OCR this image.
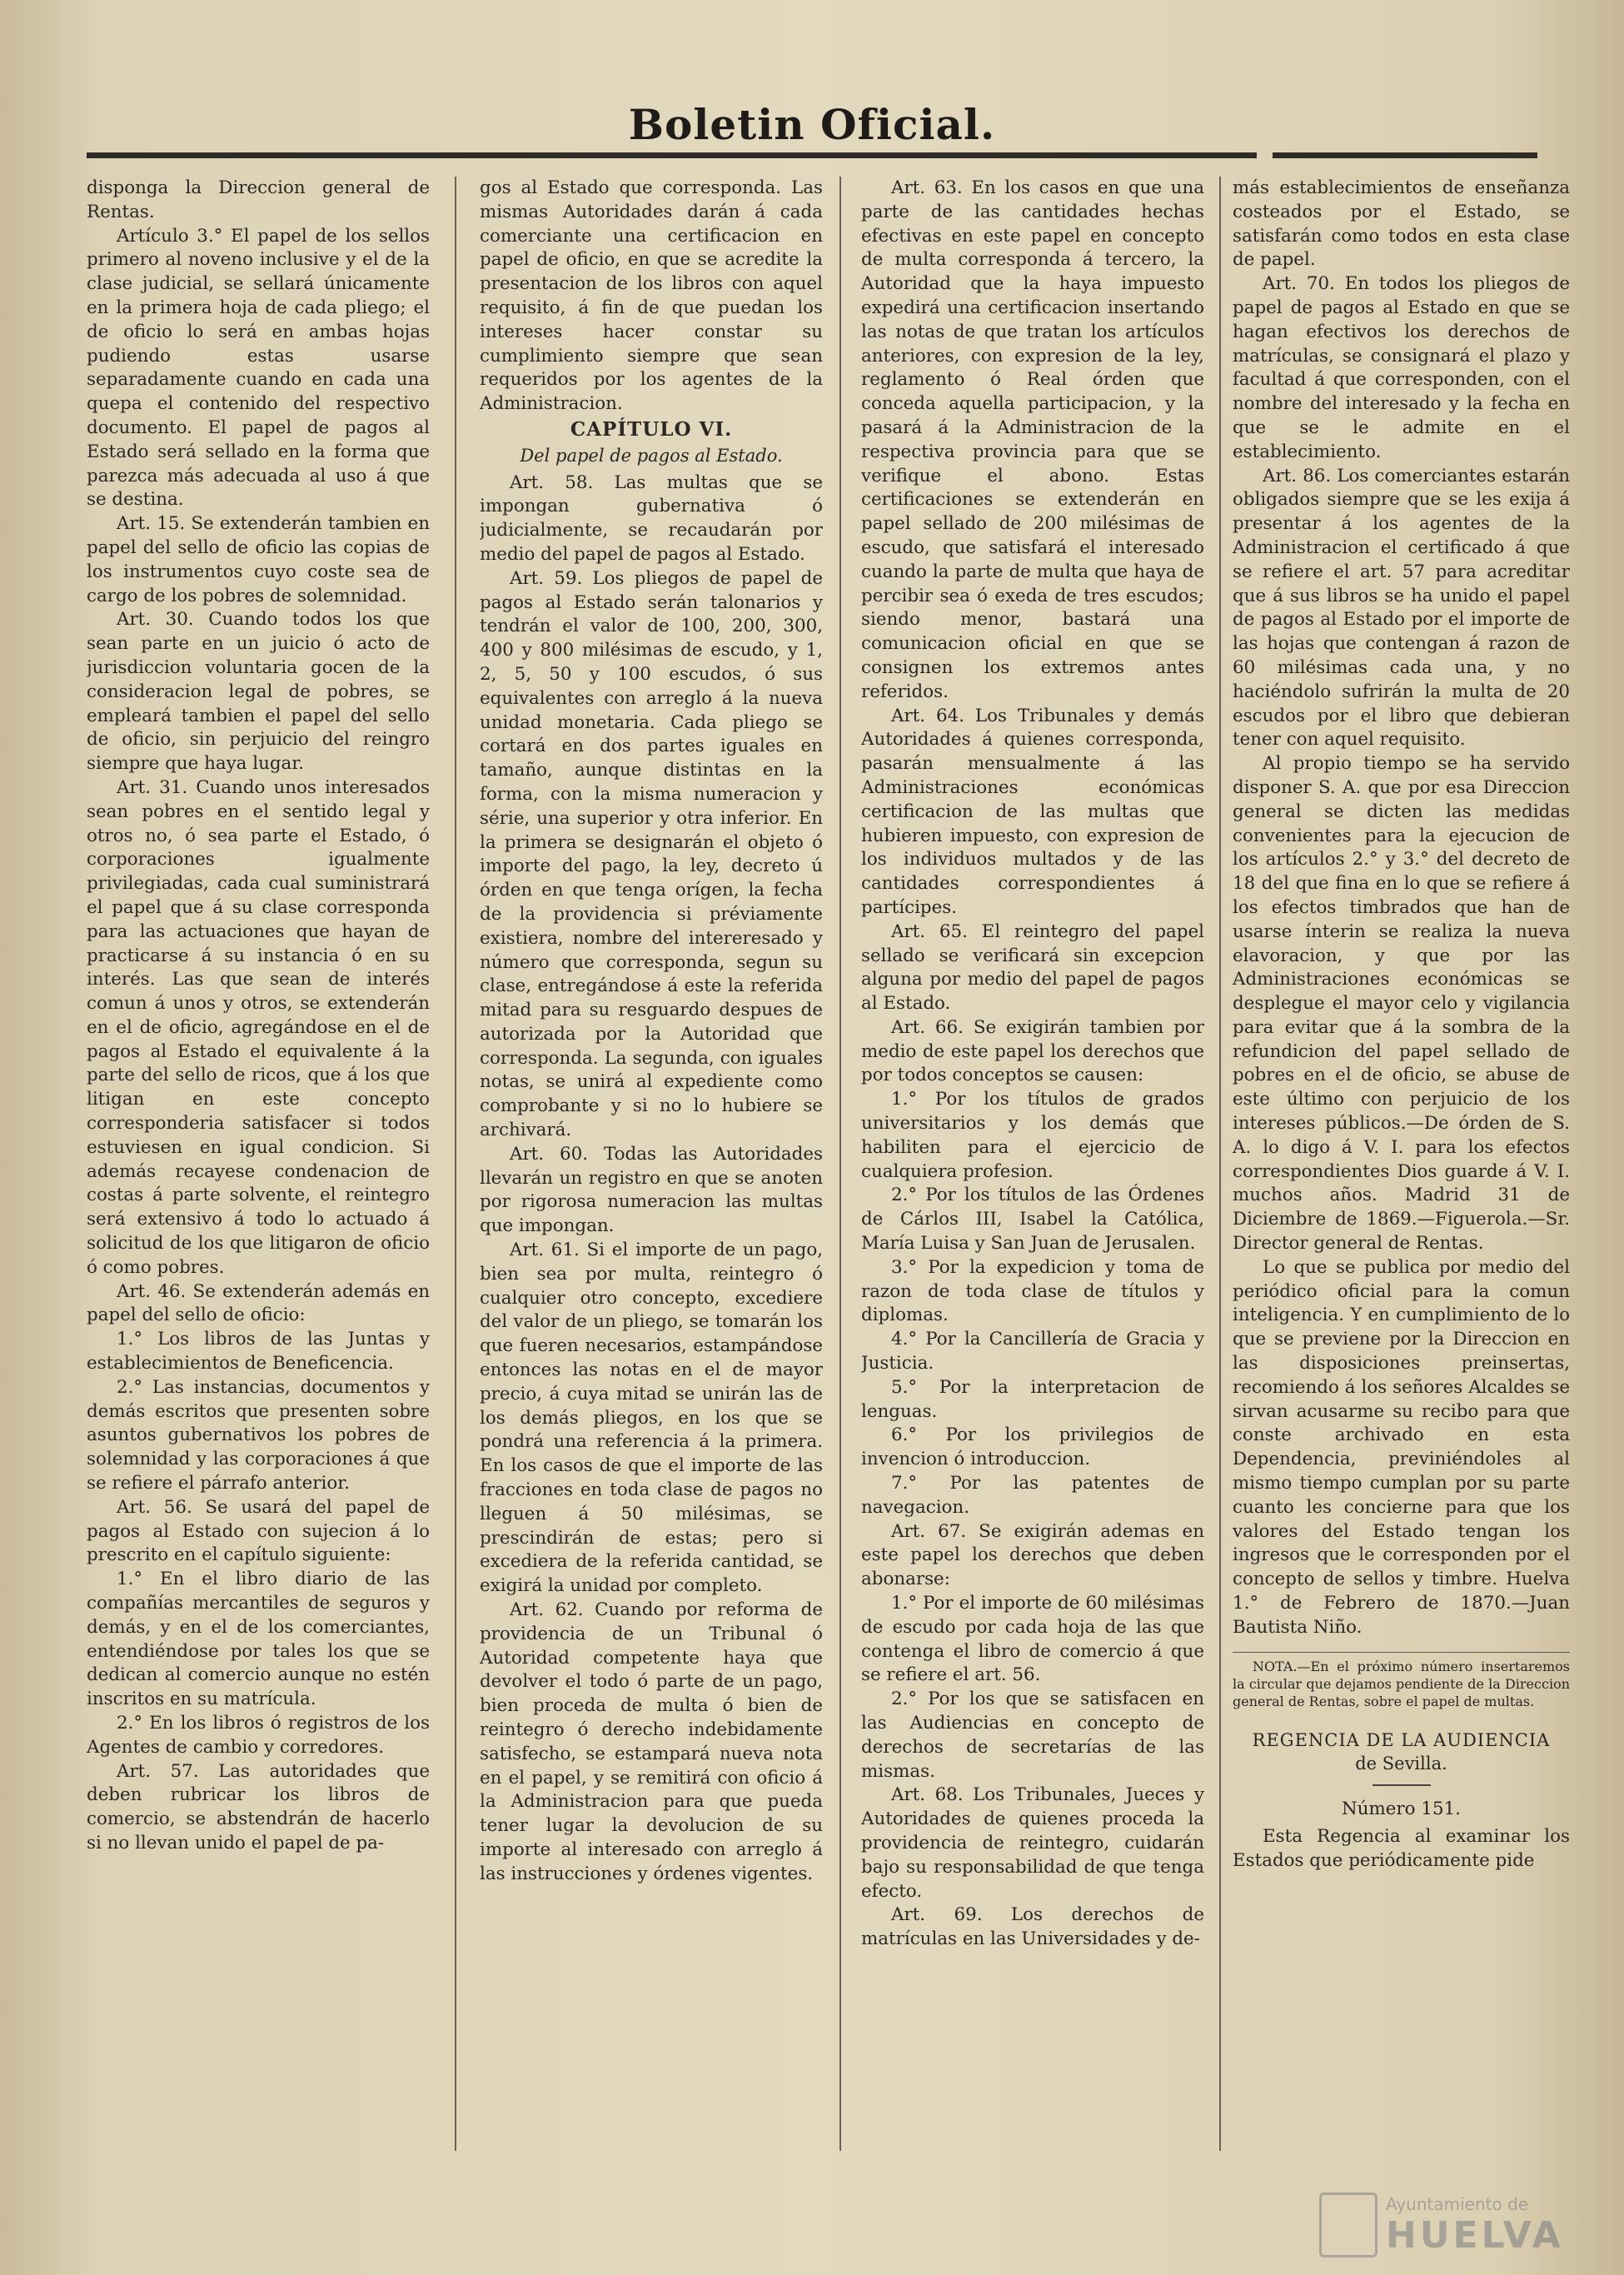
Boletin Oficial.

disponga la Direccion general de Rentas.

Artículo 3.° El papel de los sellos primero al noveno inclusive y el de la clase judicial, se sellará únicamente en la primera hoja de cada pliego; el de oficio lo será en ambas hojas pudiendo estas usarse separadamente cuando en cada una quepa el contenido del respectivo documento. El papel de pagos al Estado será sellado en la forma que parezca más adecuada al uso á que se destina.

Art. 15. Se extenderán tambien en papel del sello de oficio las copias de los instrumentos cuyo coste sea de cargo de los pobres de solemnidad.

Art. 30. Cuando todos los que sean parte en un juicio ó acto de jurisdiccion voluntaria gocen de la consideracion legal de pobres, se empleará tambien el papel del sello de oficio, sin perjuicio del reingro siempre que haya lugar.

Art. 31. Cuando unos interesados sean pobres en el sentido legal y otros no, ó sea parte el Estado, ó corporaciones igualmente privilegiadas, cada cual suministrará el papel que á su clase corresponda para las actuaciones que hayan de practicarse á su instancia ó en su interés. Las que sean de interés comun á unos y otros, se extenderán en el de oficio, agregándose en el de pagos al Estado el equivalente á la parte del sello de ricos, que á los que litigan en este concepto corresponderia satisfacer si todos estuviesen en igual condicion. Si además recayese condenacion de costas á parte solvente, el reintegro será extensivo á todo lo actuado á solicitud de los que litigaron de oficio ó como pobres.

Art. 46. Se extenderán además en papel del sello de oficio:

1.° Los libros de las Juntas y establecimientos de Beneficencia.

2.° Las instancias, documentos y demás escritos que presenten sobre asuntos gubernativos los pobres de solemnidad y las corporaciones á que se refiere el párrafo anterior.

Art. 56. Se usará del papel de pagos al Estado con sujecion á lo prescrito en el capítulo siguiente:

1.° En el libro diario de las compañías mercantiles de seguros y demás, y en el de los comerciantes, entendiéndose por tales los que se dedican al comercio aunque no estén inscritos en su matrícula.

2.° En los libros ó registros de los Agentes de cambio y corredores.

Art. 57. Las autoridades que deben rubricar los libros de comercio, se abstendrán de hacerlo si no llevan unido el papel de pa-

gos al Estado que corresponda. Las mismas Autoridades darán á cada comerciante una certificacion en papel de oficio, en que se acredite la presentacion de los libros con aquel requisito, á fin de que puedan los intereses hacer constar su cumplimiento siempre que sean requeridos por los agentes de la Administracion.

CAPÍTULO VI.
Del papel de pagos al Estado.

Art. 58. Las multas que se impongan gubernativa ó judicialmente, se recaudarán por medio del papel de pagos al Estado.

Art. 59. Los pliegos de papel de pagos al Estado serán talonarios y tendrán el valor de 100, 200, 300, 400 y 800 milésimas de escudo, y 1, 2, 5, 50 y 100 escudos, ó sus equivalentes con arreglo á la nueva unidad monetaria. Cada pliego se cortará en dos partes iguales en tamaño, aunque distintas en la forma, con la misma numeracion y série, una superior y otra inferior. En la primera se designarán el objeto ó importe del pago, la ley, decreto ú órden en que tenga orígen, la fecha de la providencia si préviamente existiera, nombre del intereresado y número que corresponda, segun su clase, entregándose á este la referida mitad para su resguardo despues de autorizada por la Autoridad que corresponda. La segunda, con iguales notas, se unirá al expediente como comprobante y si no lo hubiere se archivará.

Art. 60. Todas las Autoridades llevarán un registro en que se anoten por rigorosa numeracion las multas que impongan.

Art. 61. Si el importe de un pago, bien sea por multa, reintegro ó cualquier otro concepto, excediere del valor de un pliego, se tomarán los que fueren necesarios, estampándose entonces las notas en el de mayor precio, á cuya mitad se unirán las de los demás pliegos, en los que se pondrá una referencia á la primera. En los casos de que el importe de las fracciones en toda clase de pagos no lleguen á 50 milésimas, se prescindirán de estas; pero si excediera de la referida cantidad, se exigirá la unidad por completo.

Art. 62. Cuando por reforma de providencia de un Tribunal ó Autoridad competente haya que devolver el todo ó parte de un pago, bien proceda de multa ó bien de reintegro ó derecho indebidamente satisfecho, se estampará nueva nota en el papel, y se remitirá con oficio á la Administracion para que pueda tener lugar la devolucion de su importe al interesado con arreglo á las instrucciones y órdenes vigentes.

Art. 63. En los casos en que una parte de las cantidades hechas efectivas en este papel en concepto de multa corresponda á tercero, la Autoridad que la haya impuesto expedirá una certificacion insertando las notas de que tratan los artículos anteriores, con expresion de la ley, reglamento ó Real órden que conceda aquella participacion, y la pasará á la Administracion de la respectiva provincia para que se verifique el abono. Estas certificaciones se extenderán en papel sellado de 200 milésimas de escudo, que satisfará el interesado cuando la parte de multa que haya de percibir sea ó exeda de tres escudos; siendo menor, bastará una comunicacion oficial en que se consignen los extremos antes referidos.

Art. 64. Los Tribunales y demás Autoridades á quienes corresponda, pasarán mensualmente á las Administraciones económicas certificacion de las multas que hubieren impuesto, con expresion de los individuos multados y de las cantidades correspondientes á partícipes.

Art. 65. El reintegro del papel sellado se verificará sin excepcion alguna por medio del papel de pagos al Estado.

Art. 66. Se exigirán tambien por medio de este papel los derechos que por todos conceptos se causen:

1.° Por los títulos de grados universitarios y los demás que habiliten para el ejercicio de cualquiera profesion.

2.° Por los títulos de las Órdenes de Cárlos III, Isabel la Católica, María Luisa y San Juan de Jerusalen.

3.° Por la expedicion y toma de razon de toda clase de títulos y diplomas.

4.° Por la Cancillería de Gracia y Justicia.

5.° Por la interpretacion de lenguas.

6.° Por los privilegios de invencion ó introduccion.

7.° Por las patentes de navegacion.

Art. 67. Se exigirán ademas en este papel los derechos que deben abonarse:

1.° Por el importe de 60 milésimas de escudo por cada hoja de las que contenga el libro de comercio á que se refiere el art. 56.

2.° Por los que se satisfacen en las Audiencias en concepto de derechos de secretarías de las mismas.

Art. 68. Los Tribunales, Jueces y Autoridades de quienes proceda la providencia de reintegro, cuidarán bajo su responsabilidad de que tenga efecto.

Art. 69. Los derechos de matrículas en las Universidades y de-

más establecimientos de enseñanza costeados por el Estado, se satisfarán como todos en esta clase de papel.

Art. 70. En todos los pliegos de papel de pagos al Estado en que se hagan efectivos los derechos de matrículas, se consignará el plazo y facultad á que corresponden, con el nombre del interesado y la fecha en que se le admite en el establecimiento.

Art. 86. Los comerciantes estarán obligados siempre que se les exija á presentar á los agentes de la Administracion el certificado á que se refiere el art. 57 para acreditar que á sus libros se ha unido el papel de pagos al Estado por el importe de las hojas que contengan á razon de 60 milésimas cada una, y no haciéndolo sufrirán la multa de 20 escudos por el libro que debieran tener con aquel requisito.

Al propio tiempo se ha servido disponer S. A. que por esa Direccion general se dicten las medidas convenientes para la ejecucion de los artículos 2.° y 3.° del decreto de 18 del que fina en lo que se refiere á los efectos timbrados que han de usarse ínterin se realiza la nueva elavoracion, y que por las Administraciones económicas se desplegue el mayor celo y vigilancia para evitar que á la sombra de la refundicion del papel sellado de pobres en el de oficio, se abuse de este último con perjuicio de los intereses públicos.—De órden de S. A. lo digo á V. I. para los efectos correspondientes Dios guarde á V. I. muchos años. Madrid 31 de Diciembre de 1869.—Figuerola.—Sr. Director general de Rentas.

Lo que se publica por medio del periódico oficial para la comun inteligencia. Y en cumplimiento de lo que se previene por la Direccion en las disposiciones preinsertas, recomiendo á los señores Alcaldes se sirvan acusarme su recibo para que conste archivado en esta Dependencia, previniéndoles al mismo tiempo cumplan por su parte cuanto les concierne para que los valores del Estado tengan los ingresos que le corresponden por el concepto de sellos y timbre. Huelva 1.° de Febrero de 1870.—Juan Bautista Niño.

NOTA.—En el próximo número insertaremos la circular que dejamos pendiente de la Direccion general de Rentas, sobre el papel de multas.

REGENCIA DE LA AUDIENCIA

de Sevilla.

Número 151.

Esta Regencia al examinar los Estados que periódicamente pide

Ayuntamiento de
HUELVA
